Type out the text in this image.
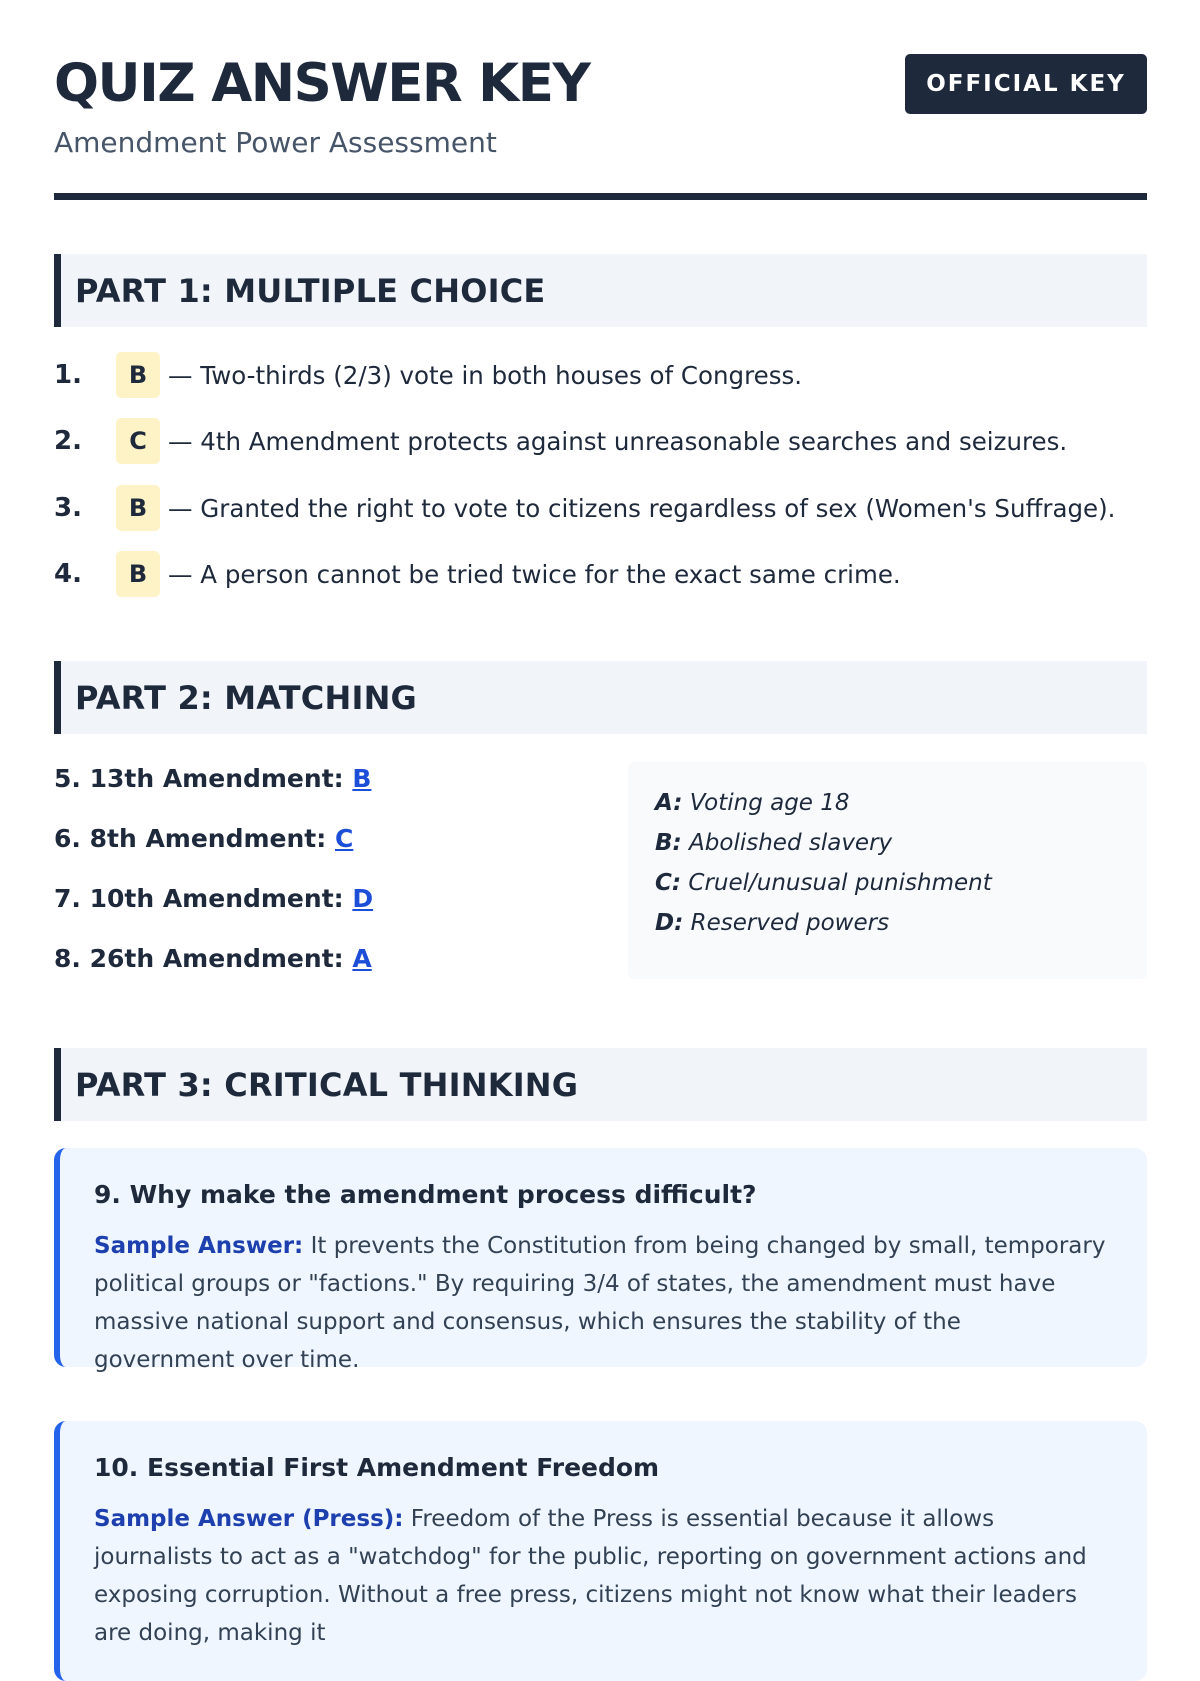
QUIZ ANSWER KEY
Amendment Power Assessment
OFFICIAL KEY
PART 1: MULTIPLE CHOICE
1.	B — Two-thirds (2/3) vote in both houses of Congress.
2.	C — 4th Amendment protects against unreasonable searches and seizures.
3.	B — Granted the right to vote to citizens regardless of sex (Women's Suffrage).
4.	B — A person cannot be tried twice for the exact same crime.
PART 2: MATCHING
5. 13th Amendment: B
6. 8th Amendment: C
7. 10th Amendment: D
8. 26th Amendment: A
A: Voting age 18
B: Abolished slavery
C: Cruel/unusual punishment
D: Reserved powers
PART 3: CRITICAL THINKING

9. Why make the amendment process difficult?

Sample Answer: It prevents the Constitution from being changed by small, temporary political groups or "factions." By requiring 3/4 of states, the amendment must have massive national support and consensus, which ensures the stability of the government over time.

10. Essential First Amendment Freedom

Sample Answer (Press): Freedom of the Press is essential because it allows journalists to act as a "watchdog" for the public, reporting on government actions and exposing corruption. Without a free press, citizens might not know what their leaders are doing, making it
